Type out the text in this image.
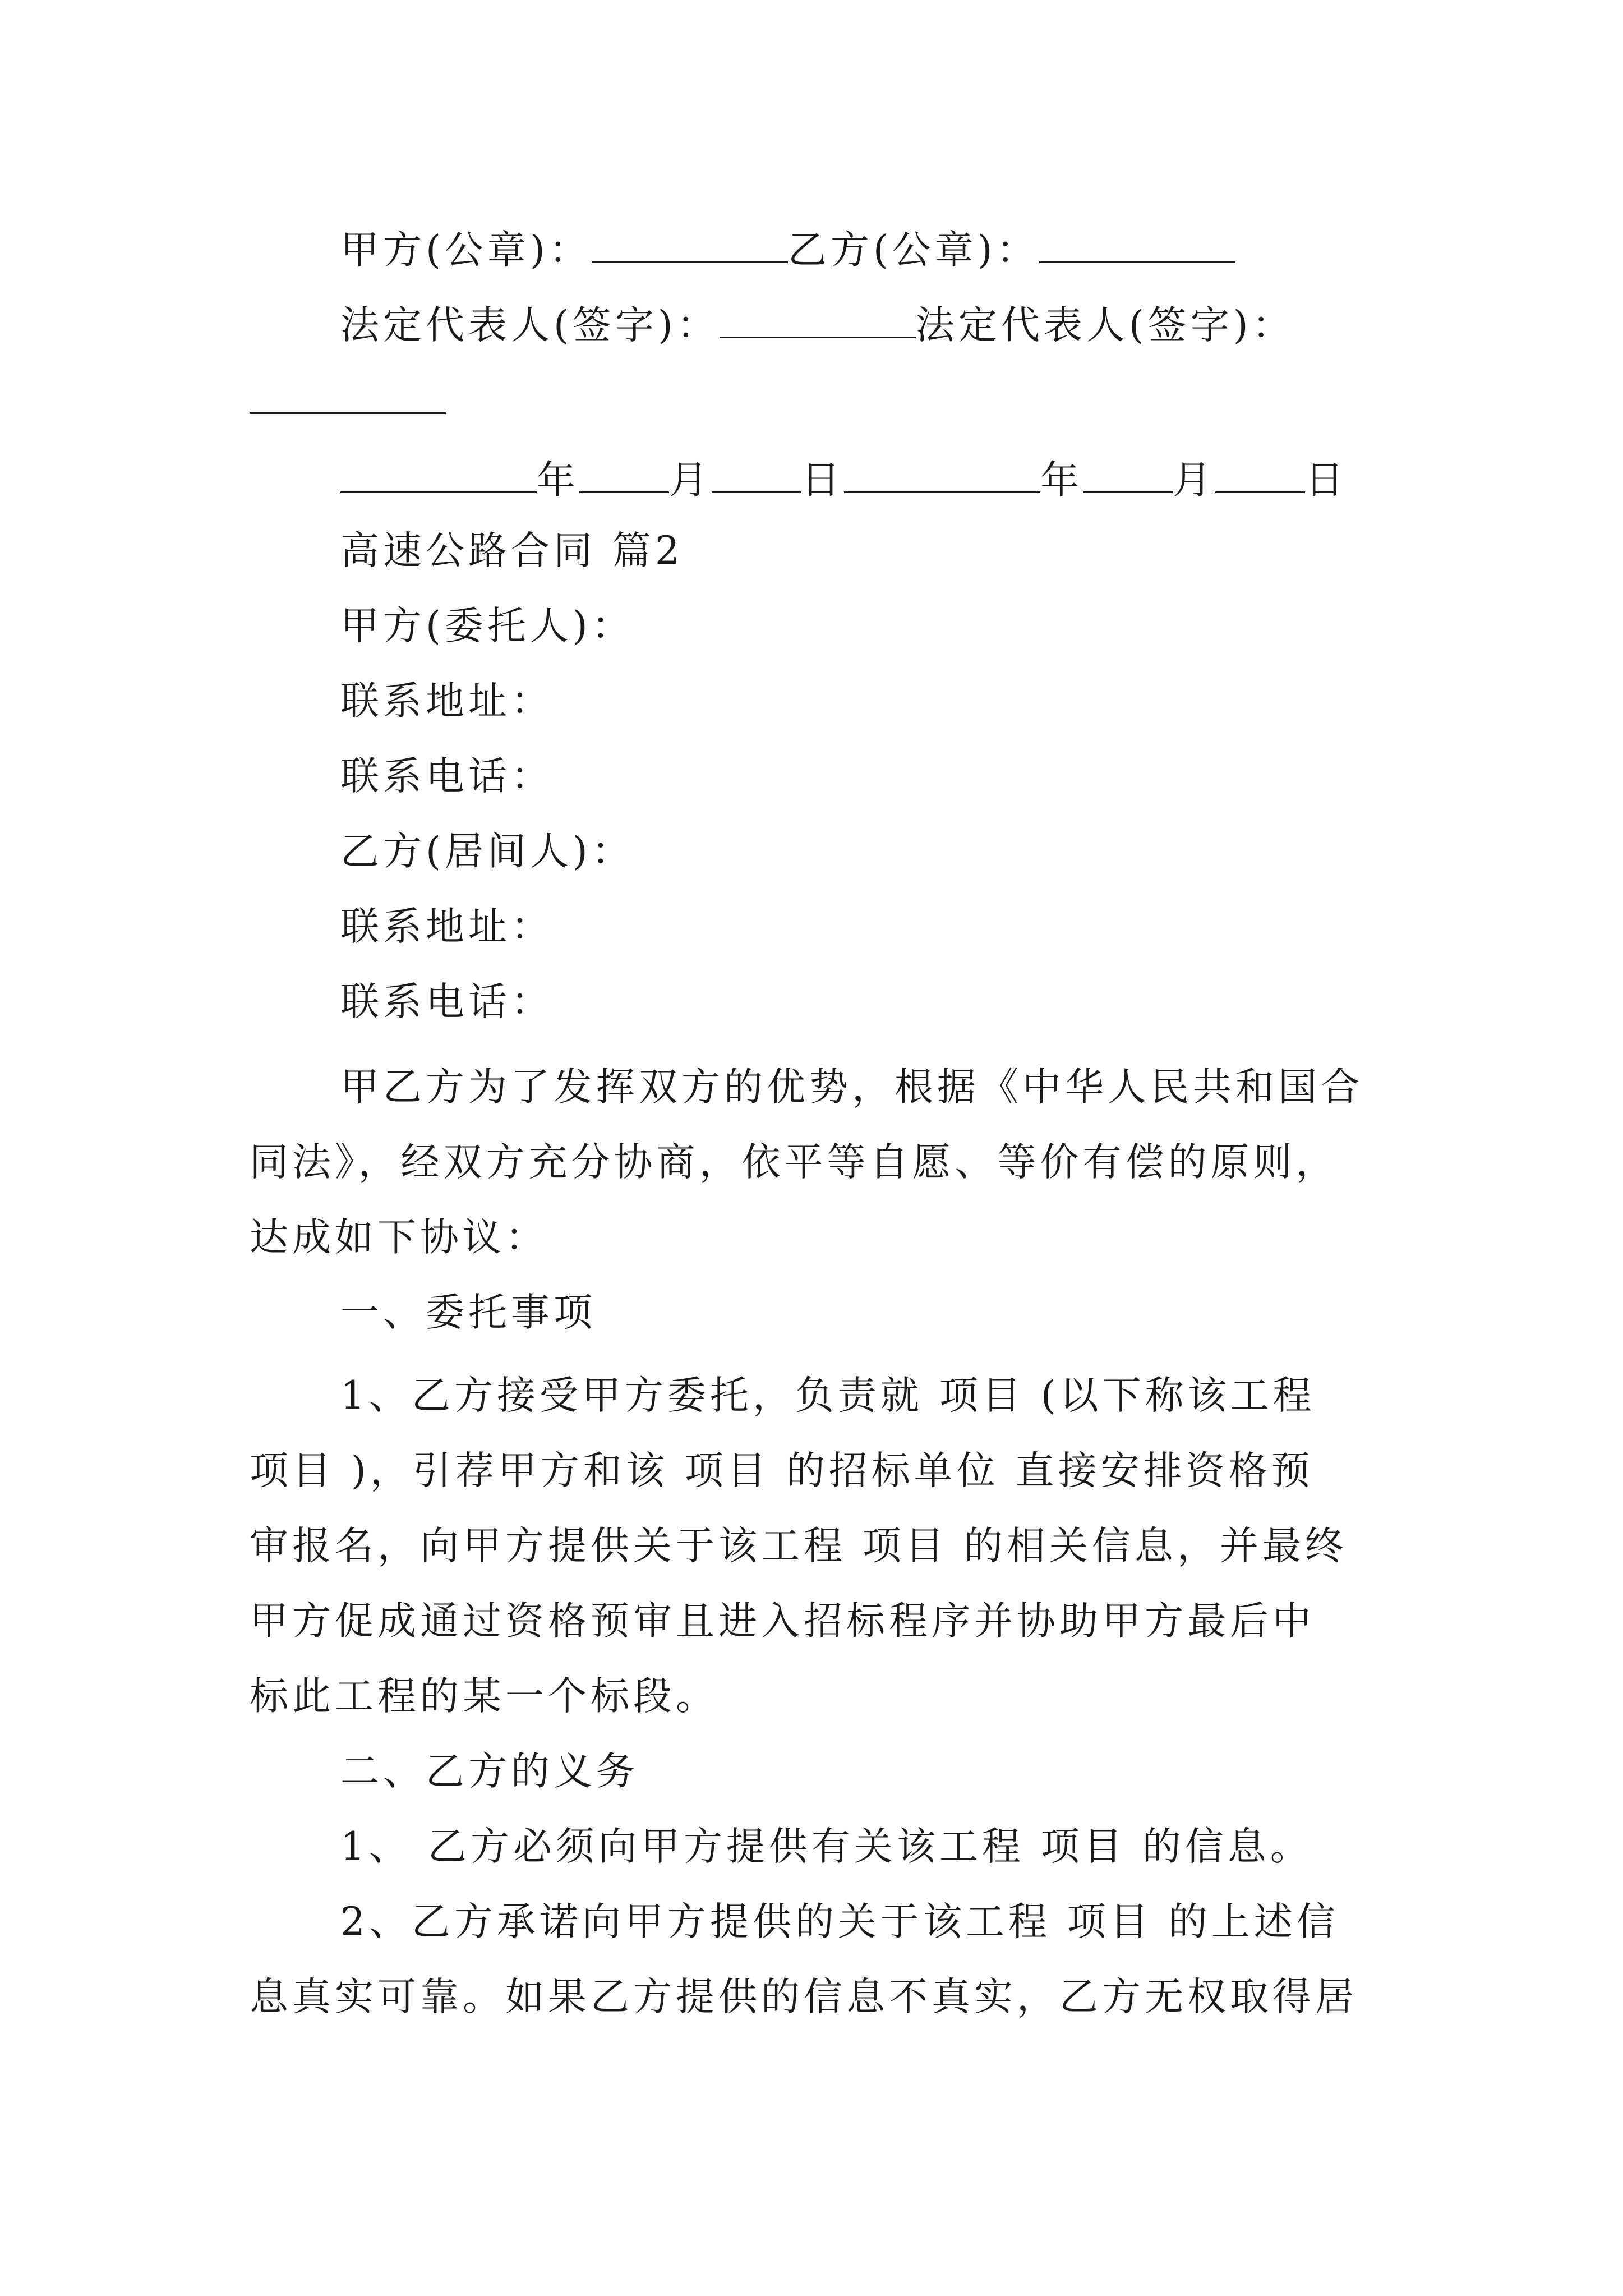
甲方(公章)：	乙方(公章)：
法定代表人(签字)：	法定代表人(签字)：
年 月 日	年 月 日
高速公路合同 篇2
甲方(委托人)：
联系地址：
联系电话：
乙方(居间人)：
联系地址：
联系电话：
甲乙方为了发挥双方的优势，根据《中华人民共和国合
同法》，经双方充分协商，依平等自愿、等价有偿的原则，
达成如下协议：
一、委托事项
1、乙方接受甲方委托，负责就 项目 (以下称该工程
项目 )，引荐甲方和该 项目 的招标单位 直接安排资格预
审报名，向甲方提供关于该工程 项目 的相关信息，并最终
甲方促成通过资格预审且进入招标程序并协助甲方最后中
标此工程的某一个标段。
二、乙方的义务
1、 乙方必须向甲方提供有关该工程 项目 的信息。
2、乙方承诺向甲方提供的关于该工程 项目 的上述信
息真实可靠。如果乙方提供的信息不真实，乙方无权取得居
